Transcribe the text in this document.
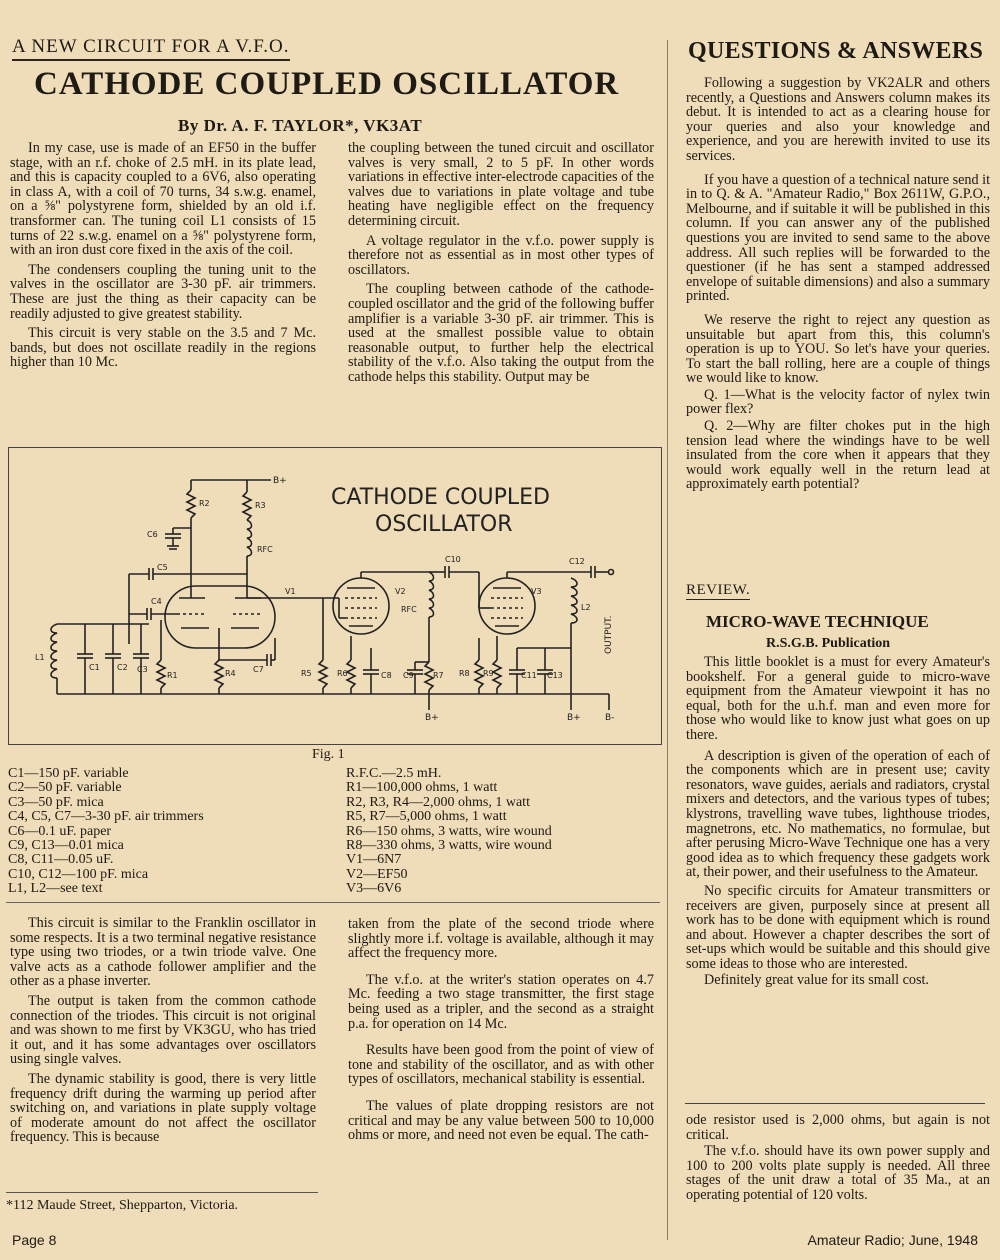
A NEW CIRCUIT FOR A V.F.O.
CATHODE COUPLED OSCILLATOR
By Dr. A. F. TAYLOR*, VK3AT

In my case, use is made of an EF50 in the buffer stage, with an r.f. choke of 2.5 mH. in its plate lead, and this is capacity coupled to a 6V6, also operating in class A, with a coil of 70 turns, 34 s.w.g. enamel, on a ⅝" polystyrene form, shielded by an old i.f. transformer can. The tuning coil L1 consists of 15 turns of 22 s.w.g. enamel on a ⅝" polystyrene form, with an iron dust core fixed in the axis of the coil.

The condensers coupling the tuning unit to the valves in the oscillator are 3-30 pF. air trimmers. These are just the thing as their capacity can be readily adjusted to give greatest stability.

This circuit is very stable on the 3.5 and 7 Mc. bands, but does not oscillate readily in the regions higher than 10 Mc.

the coupling between the tuned circuit and oscillator valves is very small, 2 to 5 pF. In other words variations in effective inter-electrode capacities of the valves due to variations in plate voltage and tube heating have negligible effect on the frequency determining circuit.

A voltage regulator in the v.f.o. power supply is therefore not as essential as in most other types of oscillators.

The coupling between cathode of the cathode-coupled oscillator and the grid of the following buffer amplifier is a variable 3-30 pF. air trimmer. This is used at the smallest possible value to obtain reasonable output, to further help the electrical stability of the v.f.o. Also taking the output from the cathode helps this stability. Output may be

CATHODE COUPLED
OSCILLATOR
B+
R2	R3
RFC
C6
C5
V1
C4
L1
C1 C2 C3
R1	R4 C7
V2
C10
RFC
R5	R6	C8 C9 R7
B+
V3
C12
L2
B+
OUTPUT.
B-
R8 R9	C11 C13
Fig. 1
C1—150 pF. variable
C2—50 pF. variable
C3—50 pF. mica
C4, C5, C7—3-30 pF. air trimmers
C6—0.1 uF. paper
C9, C13—0.01 mica
C8, C11—0.05 uF.
C10, C12—100 pF. mica
L1, L2—see text
R.F.C.—2.5 mH.
R1—100,000 ohms, 1 watt
R2, R3, R4—2,000 ohms, 1 watt
R5, R7—5,000 ohms, 1 watt
R6—150 ohms, 3 watts, wire wound
R8—330 ohms, 3 watts, wire wound
V1—6N7
V2—EF50
V3—6V6

This circuit is similar to the Franklin oscillator in some respects. It is a two terminal negative resistance type using two triodes, or a twin triode valve. One valve acts as a cathode follower amplifier and the other as a phase inverter.

The output is taken from the common cathode connection of the triodes. This circuit is not original and was shown to me first by VK3GU, who has tried it out, and it has some advantages over oscillators using single valves.

The dynamic stability is good, there is very little frequency drift during the warming up period after switching on, and variations in plate supply voltage of moderate amount do not affect the oscillator frequency. This is because

taken from the plate of the second triode where slightly more i.f. voltage is available, although it may affect the frequency more.

The v.f.o. at the writer's station operates on 4.7 Mc. feeding a two stage transmitter, the first stage being used as a tripler, and the second as a straight p.a. for operation on 14 Mc.

Results have been good from the point of view of tone and stability of the oscillator, and as with other types of oscillators, mechanical stability is essential.

The values of plate dropping resistors are not critical and may be any value between 500 to 10,000 ohms or more, and need not even be equal. The cath-

*112 Maude Street, Shepparton, Victoria.
QUESTIONS & ANSWERS

Following a suggestion by VK2ALR and others recently, a Questions and Answers column makes its debut. It is intended to act as a clearing house for your queries and also your knowledge and experience, and you are herewith invited to use its services.

If you have a question of a technical nature send it in to Q. & A. "Amateur Radio," Box 2611W, G.P.O., Melbourne, and if suitable it will be published in this column. If you can answer any of the published questions you are invited to send same to the above address. All such replies will be forwarded to the questioner (if he has sent a stamped addressed envelope of suitable dimensions) and also a summary printed.

We reserve the right to reject any question as unsuitable but apart from this, this column's operation is up to YOU. So let's have your queries. To start the ball rolling, here are a couple of things we would like to know.

Q. 1—What is the velocity factor of nylex twin power flex?

Q. 2—Why are filter chokes put in the high tension lead where the windings have to be well insulated from the core when it appears that they would work equally well in the return lead at approximately earth potential?

REVIEW.
MICRO-WAVE TECHNIQUE
R.S.G.B. Publication

This little booklet is a must for every Amateur's bookshelf. For a general guide to micro-wave equipment from the Amateur viewpoint it has no equal, both for the u.h.f. man and even more for those who would like to know just what goes on up there.

A description is given of the operation of each of the components which are in present use; cavity resonators, wave guides, aerials and radiators, crystal mixers and detectors, and the various types of tubes; klystrons, travelling wave tubes, lighthouse triodes, magnetrons, etc. No mathematics, no formulae, but after perusing Micro-Wave Technique one has a very good idea as to which frequency these gadgets work at, their power, and their usefulness to the Amateur.

No specific circuits for Amateur transmitters or receivers are given, purposely since at present all work has to be done with equipment which is round and about. However a chapter describes the sort of set-ups which would be suitable and this should give some ideas to those who are interested.

Definitely great value for its small cost.

ode resistor used is 2,000 ohms, but again is not critical.

The v.f.o. should have its own power supply and 100 to 200 volts plate supply is needed. All three stages of the unit draw a total of 35 Ma., at an operating potential of 120 volts.

Page 8	Amateur Radio; June, 1948
